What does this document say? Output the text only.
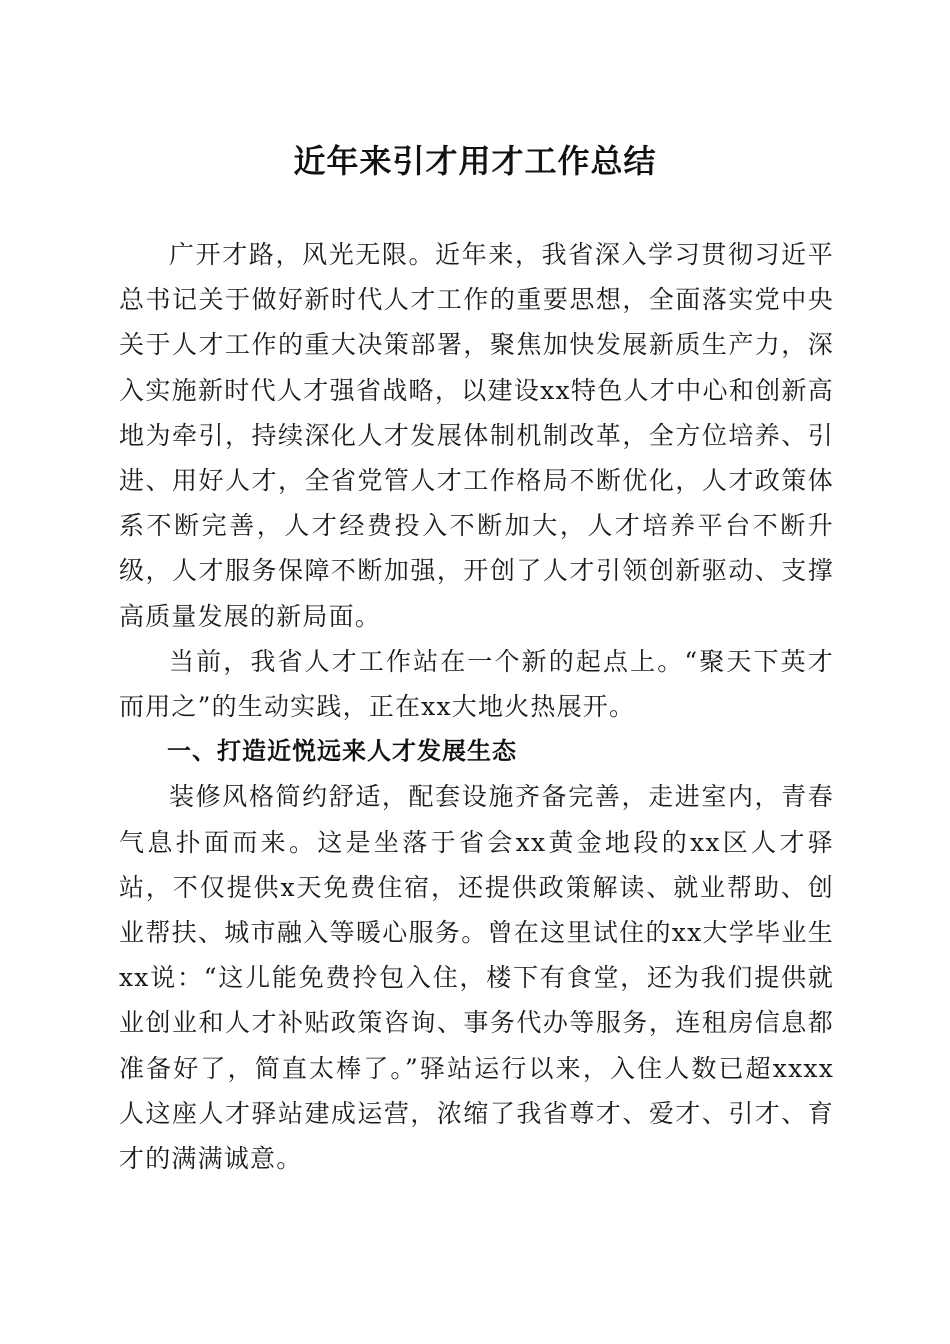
近年来引才用才工作总结

广开才路，风光无限。近年来，我省深入学习贯彻习近平总书记关于做好新时代人才工作的重要思想，全面落实党中央关于人才工作的重大决策部署，聚焦加快发展新质生产力，深入实施新时代人才强省战略，以建设xx特色人才中心和创新高地为牵引，持续深化人才发展体制机制改革，全方位培养、引进、用好人才，全省党管人才工作格局不断优化，人才政策体系不断完善，人才经费投入不断加大，人才培养平台不断升级，人才服务保障不断加强，开创了人才引领创新驱动、支撑高质量发展的新局面。

当前，我省人才工作站在一个新的起点上。“聚天下英才而用之”的生动实践，正在xx大地火热展开。

一、打造近悦远来人才发展生态

装修风格简约舒适，配套设施齐备完善，走进室内，青春气息扑面而来。这是坐落于省会xx黄金地段的xx区人才驿站，不仅提供x天免费住宿，还提供政策解读、就业帮助、创业帮扶、城市融入等暖心服务。曾在这里试住的xx大学毕业生xx说：“这儿能免费拎包入住，楼下有食堂，还为我们提供就业创业和人才补贴政策咨询、事务代办等服务，连租房信息都准备好了，简直太棒了。”驿站运行以来，入住人数已超xxxx人这座人才驿站建成运营，浓缩了我省尊才、爱才、引才、育才的满满诚意。
